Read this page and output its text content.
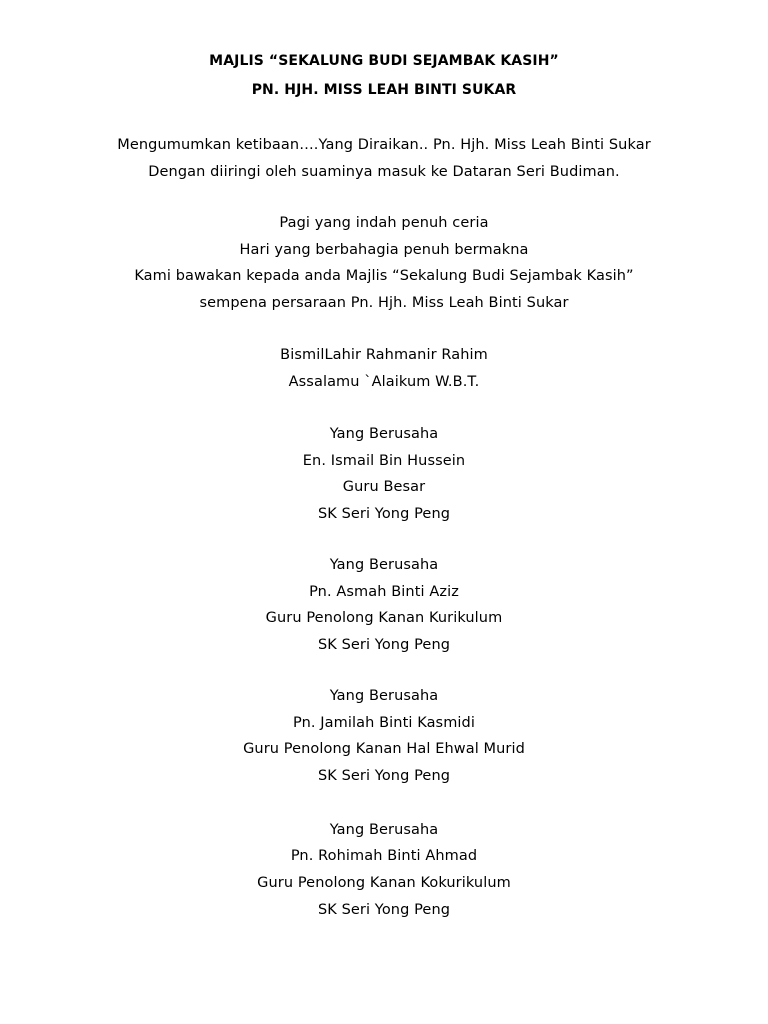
MAJLIS “SEKALUNG BUDI SEJAMBAK KASIH”
PN. HJH. MISS LEAH BINTI SUKAR
Mengumumkan ketibaan….Yang Diraikan.. Pn. Hjh. Miss Leah Binti Sukar
Dengan diiringi oleh suaminya masuk ke Dataran Seri Budiman.
Pagi yang indah penuh ceria
Hari yang berbahagia penuh bermakna
Kami bawakan kepada anda Majlis “Sekalung Budi Sejambak Kasih”
sempena persaraan Pn. Hjh. Miss Leah Binti Sukar
BismilLahir Rahmanir Rahim
Assalamu `Alaikum W.B.T.
Yang Berusaha
En. Ismail Bin Hussein
Guru Besar
SK Seri Yong Peng
Yang Berusaha
Pn. Asmah Binti Aziz
Guru Penolong Kanan Kurikulum
SK Seri Yong Peng
Yang Berusaha
Pn. Jamilah Binti Kasmidi
Guru Penolong Kanan Hal Ehwal Murid
SK Seri Yong Peng
Yang Berusaha
Pn. Rohimah Binti Ahmad
Guru Penolong Kanan Kokurikulum
SK Seri Yong Peng
